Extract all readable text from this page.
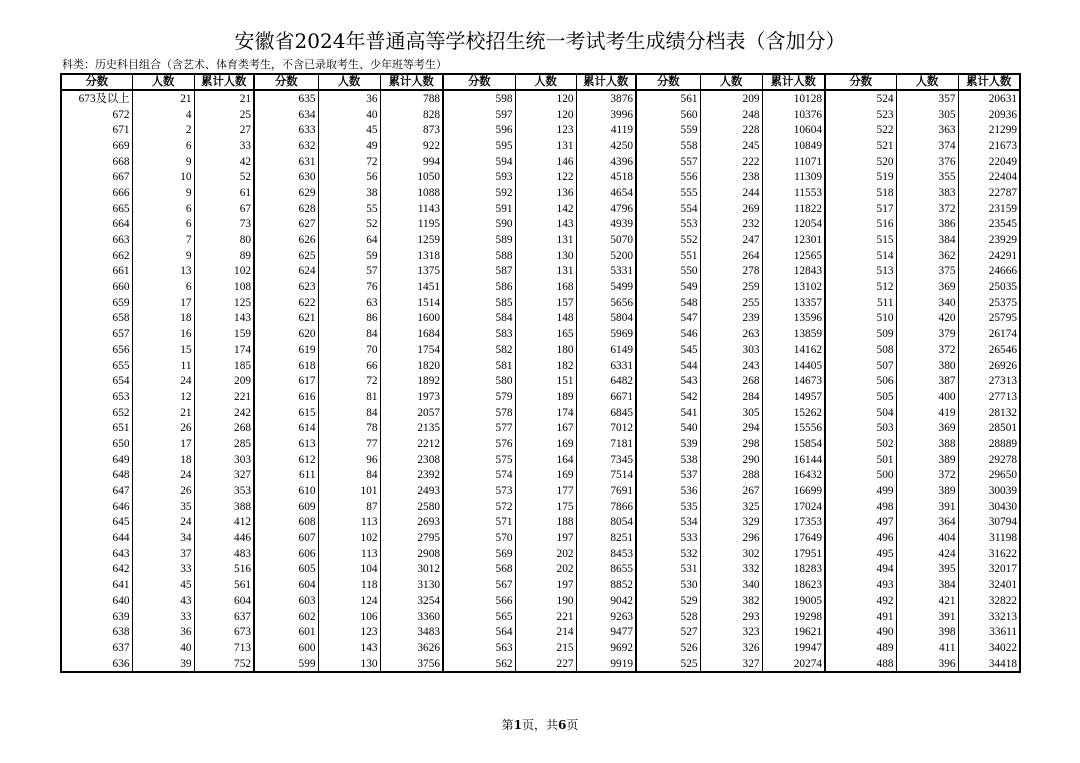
安徽省2024年普通高等学校招生统一考试考生成绩分档表（含加分）
科类：历史科目组合（含艺术、体育类考生，不含已录取考生、少年班等考生）
分数	人数	累计人数	分数	人数	累计人数	分数	人数	累计人数	分数	人数	累计人数	分数	人数	累计人数
673及以上	21	21	635	36	788	598	120	3876	561	209	10128	524	357	20631
672	4	25	634	40	828	597	120	3996	560	248	10376	523	305	20936
671	2	27	633	45	873	596	123	4119	559	228	10604	522	363	21299
669	6	33	632	49	922	595	131	4250	558	245	10849	521	374	21673
668	9	42	631	72	994	594	146	4396	557	222	11071	520	376	22049
667	10	52	630	56	1050	593	122	4518	556	238	11309	519	355	22404
666	9	61	629	38	1088	592	136	4654	555	244	11553	518	383	22787
665	6	67	628	55	1143	591	142	4796	554	269	11822	517	372	23159
664	6	73	627	52	1195	590	143	4939	553	232	12054	516	386	23545
663	7	80	626	64	1259	589	131	5070	552	247	12301	515	384	23929
662	9	89	625	59	1318	588	130	5200	551	264	12565	514	362	24291
661	13	102	624	57	1375	587	131	5331	550	278	12843	513	375	24666
660	6	108	623	76	1451	586	168	5499	549	259	13102	512	369	25035
659	17	125	622	63	1514	585	157	5656	548	255	13357	511	340	25375
658	18	143	621	86	1600	584	148	5804	547	239	13596	510	420	25795
657	16	159	620	84	1684	583	165	5969	546	263	13859	509	379	26174
656	15	174	619	70	1754	582	180	6149	545	303	14162	508	372	26546
655	11	185	618	66	1820	581	182	6331	544	243	14405	507	380	26926
654	24	209	617	72	1892	580	151	6482	543	268	14673	506	387	27313
653	12	221	616	81	1973	579	189	6671	542	284	14957	505	400	27713
652	21	242	615	84	2057	578	174	6845	541	305	15262	504	419	28132
651	26	268	614	78	2135	577	167	7012	540	294	15556	503	369	28501
650	17	285	613	77	2212	576	169	7181	539	298	15854	502	388	28889
649	18	303	612	96	2308	575	164	7345	538	290	16144	501	389	29278
648	24	327	611	84	2392	574	169	7514	537	288	16432	500	372	29650
647	26	353	610	101	2493	573	177	7691	536	267	16699	499	389	30039
646	35	388	609	87	2580	572	175	7866	535	325	17024	498	391	30430
645	24	412	608	113	2693	571	188	8054	534	329	17353	497	364	30794
644	34	446	607	102	2795	570	197	8251	533	296	17649	496	404	31198
643	37	483	606	113	2908	569	202	8453	532	302	17951	495	424	31622
642	33	516	605	104	3012	568	202	8655	531	332	18283	494	395	32017
641	45	561	604	118	3130	567	197	8852	530	340	18623	493	384	32401
640	43	604	603	124	3254	566	190	9042	529	382	19005	492	421	32822
639	33	637	602	106	3360	565	221	9263	528	293	19298	491	391	33213
638	36	673	601	123	3483	564	214	9477	527	323	19621	490	398	33611
637	40	713	600	143	3626	563	215	9692	526	326	19947	489	411	34022
636	39	752	599	130	3756	562	227	9919	525	327	20274	488	396	34418
第1页，共6页
